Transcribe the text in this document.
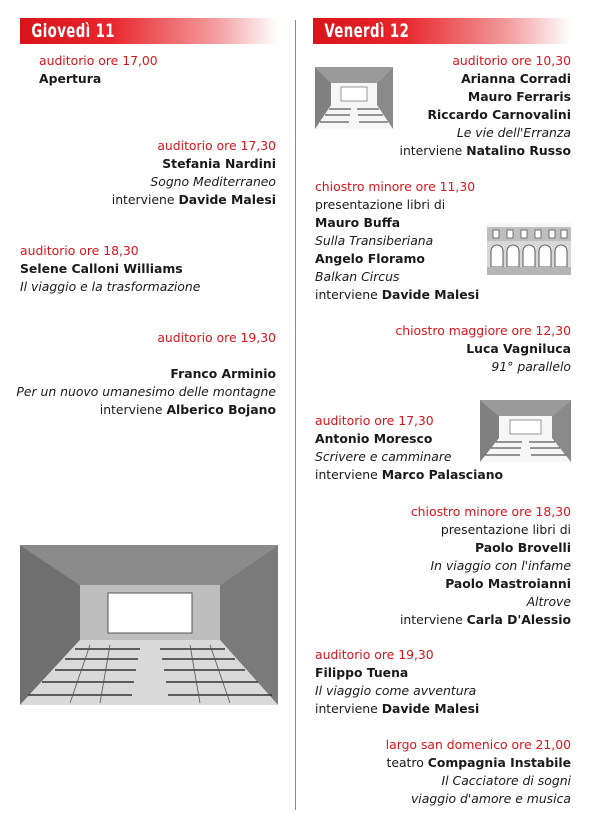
Giovedì 11	Venerdì 12
auditorio ore 17,00
Apertura
auditorio ore 17,30
Stefania Nardini
Sogno Mediterraneo
interviene Davide Malesi
auditorio ore 18,30
Selene Calloni Williams
Il viaggio e la trasformazione
auditorio ore 19,30
Franco Arminio
Per un nuovo umanesimo delle montagne
interviene Alberico Bojano
auditorio ore 10,30
Arianna Corradi
Mauro Ferraris
Riccardo Carnovalini
Le vie dell'Erranza
interviene Natalino Russo
chiostro minore ore 11,30
presentazione libri di
Mauro Buffa
Sulla Transiberiana
Angelo Floramo
Balkan Circus
interviene Davide Malesi
chiostro maggiore ore 12,30
Luca Vagniluca
91° parallelo
auditorio ore 17,30
Antonio Moresco
Scrivere e camminare
interviene Marco Palasciano
chiostro minore ore 18,30
presentazione libri di
Paolo Brovelli
In viaggio con l'infame
Paolo Mastroianni
Altrove
interviene Carla D'Alessio
auditorio ore 19,30
Filippo Tuena
Il viaggio come avventura
interviene Davide Malesi
largo san domenico ore 21,00
teatro Compagnia Instabile
Il Cacciatore di sogni
viaggio d'amore e musica
